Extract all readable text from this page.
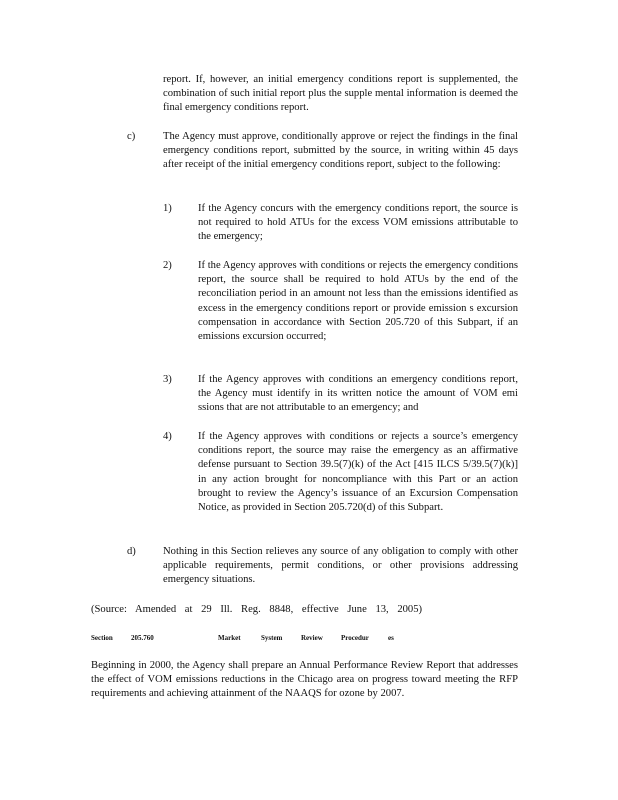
report. If, however, an initial emergency conditions report is supplemented, the combination of such initial report plus the supple mental information is deemed the final emergency conditions report.
c)	The Agency must approve, conditionally approve or reject the findings in the final emergency conditions report, submitted by the source, in writing within 45 days after receipt of the initial emergency conditions report, subject to the following:
1) If the Agency concurs with the emergency conditions report, the source is not required to hold ATUs for the excess VOM emissions attributable to the emergency;
2) If the Agency approves with conditions or rejects the emergency conditions report, the source shall be required to hold ATUs by the end of the reconciliation period in an amount not less than the emissions identified as excess in the emergency conditions report or provide emission s excursion compensation in accordance with Section 205.720 of this Subpart, if an emissions excursion occurred;
3) If the Agency approves with conditions an emergency conditions report, the Agency must identify in its written notice the amount of VOM emi ssions that are not attributable to an emergency; and
4) If the Agency approves with conditions or rejects a source’s emergency conditions report, the source may raise the emergency as an affirmative defense pursuant to Section 39.5(7)(k) of the Act [415 ILCS 5/39.5(7)(k)] in any action brought for noncompliance with this Part or an action brought to review the Agency’s issuance of an Excursion Compensation Notice, as provided in Section 205.720(d) of this Subpart.
d)	Nothing in this Section relieves any source of any obligation to comply with other applicable requirements, permit conditions, or other provisions addressing emergency situations.
(Source: Amended at 29 Ill. Reg. 8848, effective June 13, 2005)
Section	205.760	Market	System	Review	Procedur	es
Beginning in 2000, the Agency shall prepare an Annual Performance Review Report that addresses the effect of VOM emissions reductions in the Chicago area on progress toward meeting the RFP requirements and achieving attainment of the NAAQS for ozone by 2007.
